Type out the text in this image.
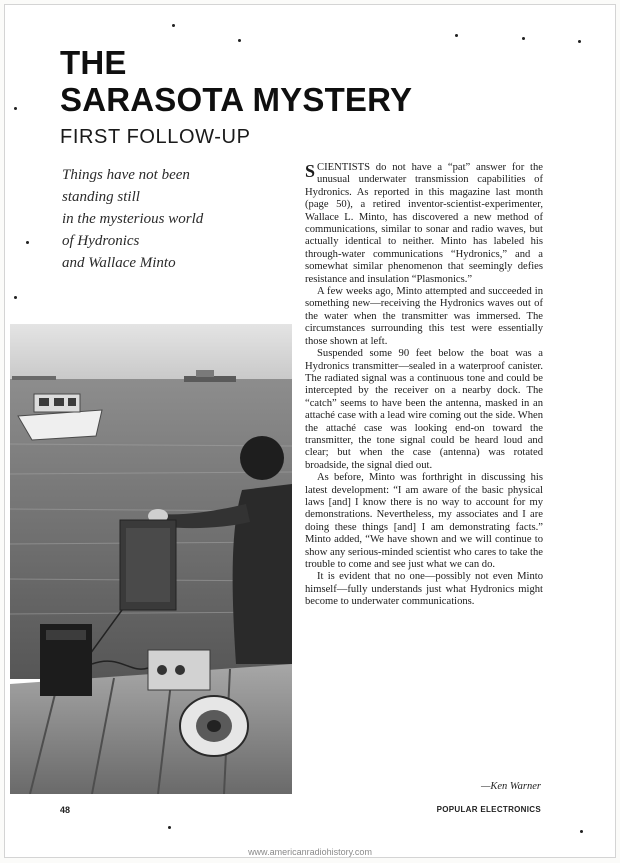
THE
SARASOTA MYSTERY
FIRST FOLLOW-UP
Things have not been
standing still
in the mysterious world
of Hydronics
and Wallace Minto

SCIENTISTS do not have a “pat” answer for the unusual underwater transmission capabilities of Hydronics. As reported in this magazine last month (page 50), a retired inventor-scientist-experimenter, Wallace L. Minto, has discovered a new method of communications, similar to sonar and radio waves, but actually identical to neither. Minto has labeled his through-water communications “Hydronics,” and a somewhat similar phenomenon that seemingly defies resistance and insulation “Plasmonics.”

A few weeks ago, Minto attempted and succeeded in something new—receiving the Hydronics waves out of the water when the transmitter was immersed. The circumstances surrounding this test were essentially those shown at left.

Suspended some 90 feet below the boat was a Hydronics transmitter—sealed in a waterproof canister. The radiated signal was a continuous tone and could be intercepted by the receiver on a nearby dock. The “catch” seems to have been the antenna, masked in an attaché case with a lead wire coming out the side. When the attaché case was looking end-on toward the transmitter, the tone signal could be heard loud and clear; but when the case (antenna) was rotated broadside, the signal died out.

As before, Minto was forthright in discussing his latest development: “I am aware of the basic physical laws [and] I know there is no way to account for my demonstrations. Nevertheless, my associates and I are doing these things [and] I am demonstrating facts.” Minto added, “We have shown and we will continue to show any serious-minded scientist who cares to take the trouble to come and see just what we can do.

It is evident that no one—possibly not even Minto himself—fully understands just what Hydronics might become to underwater communications.

—Ken Warner
48	POPULAR ELECTRONICS
www.americanradiohistory.com
